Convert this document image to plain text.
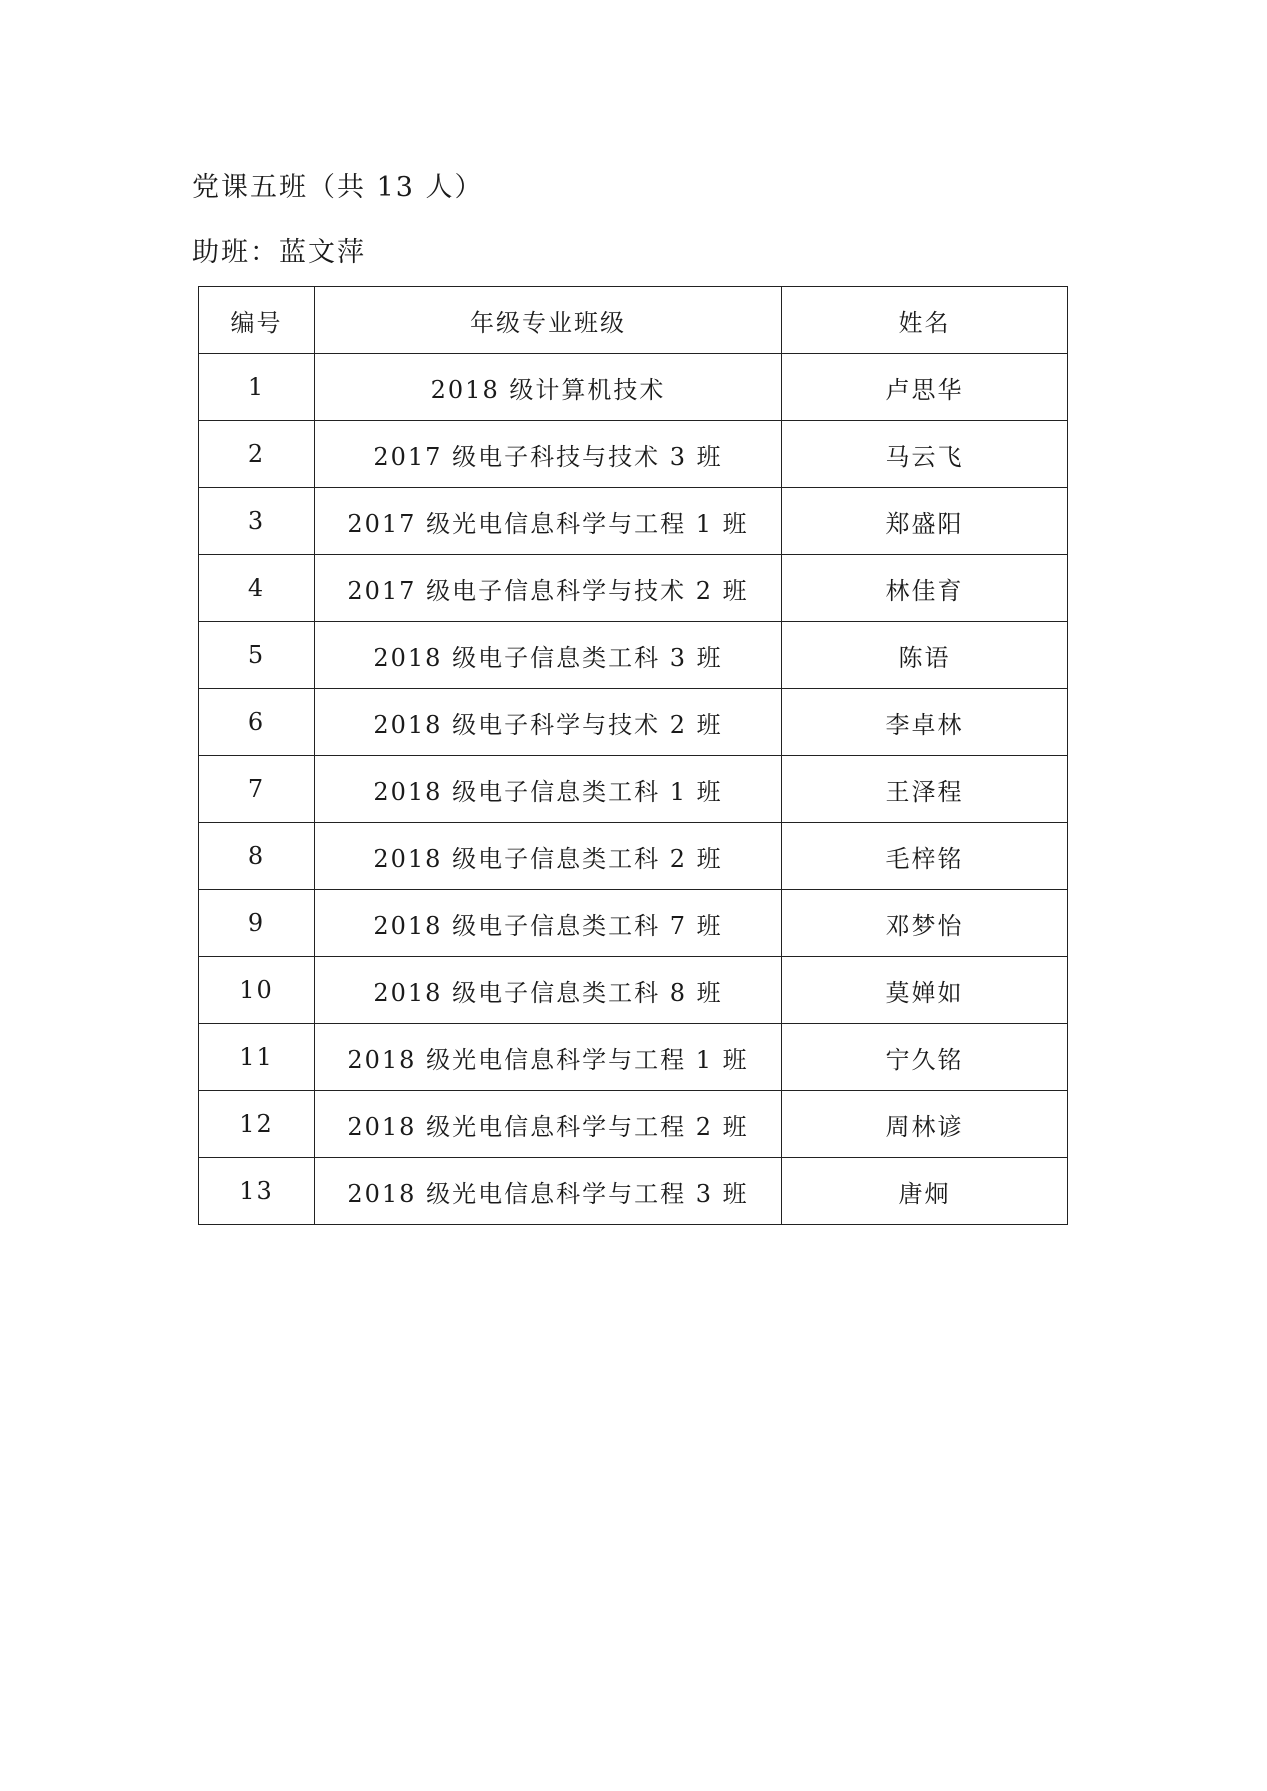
党课五班（共 13 人）
助班：蓝文萍
编号	年级专业班级	姓名
1	2018 级计算机技术	卢思华
2	2017 级电子科技与技术 3 班	马云飞
3	2017 级光电信息科学与工程 1 班	郑盛阳
4	2017 级电子信息科学与技术 2 班	林佳育
5	2018 级电子信息类工科 3 班	陈语
6	2018 级电子科学与技术 2 班	李卓林
7	2018 级电子信息类工科 1 班	王泽程
8	2018 级电子信息类工科 2 班	毛梓铭
9	2018 级电子信息类工科 7 班	邓梦怡
10	2018 级电子信息类工科 8 班	莫婵如
11	2018 级光电信息科学与工程 1 班	宁久铭
12	2018 级光电信息科学与工程 2 班	周林谚
13	2018 级光电信息科学与工程 3 班	唐炯
